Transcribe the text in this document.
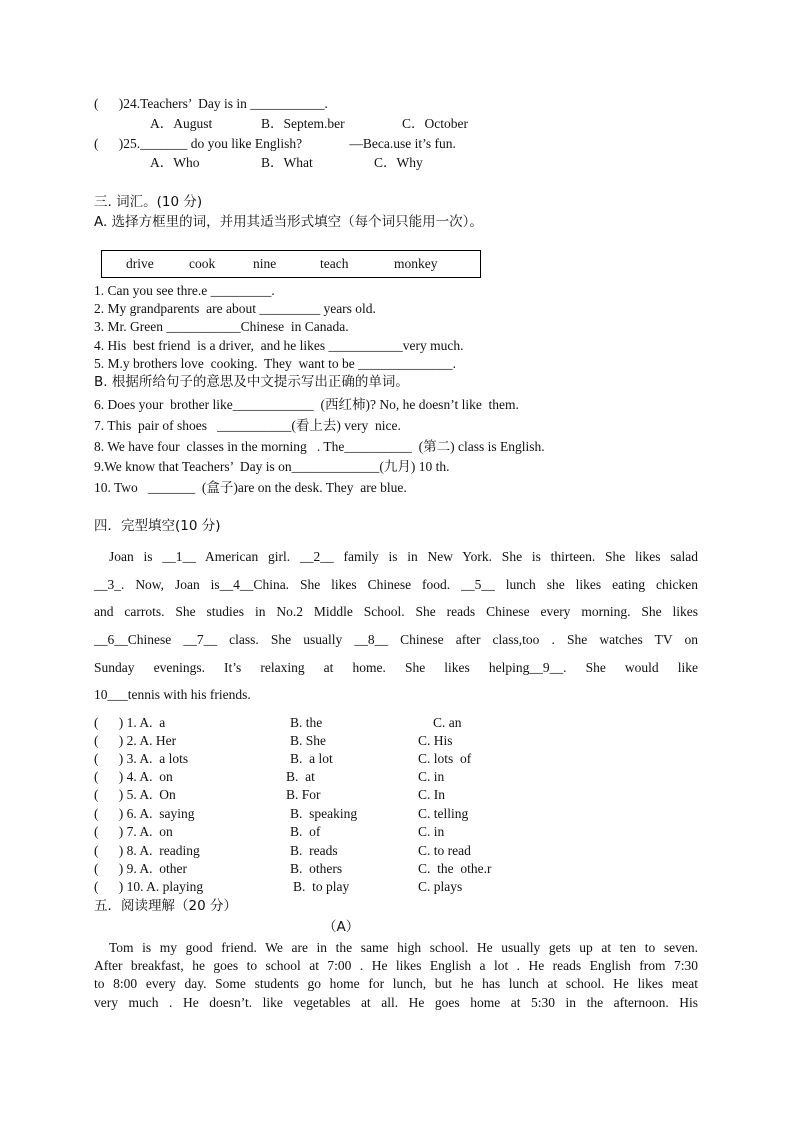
(      )24.Teachers’  Day is in ___________.
A．August	B．Septem.ber	C．October
(      )25._______ do you like English?              —Beca.use it’s fun.
A．Who	B．What	C．Why
三. 词汇。(10 分)
A. 选择方框里的词，并用其适当形式填空（每个词只能用一次）。
drive	cook	nine	teach	monkey
1. Can you see thre.e _________.
2. My grandparents  are about _________ years old.
3. Mr. Green ___________Chinese  in Canada.
4. His  best friend  is a driver,  and he likes ___________very much.
5. M.y brothers love  cooking.  They  want to be ______________.
B. 根据所给句子的意思及中文提示写出正确的单词。
6. Does your  brother like____________  (西红柿)? No, he doesn’t like  them.
7. This  pair of shoes   ___________(看上去) very  nice.
8. We have four  classes in the morning   . The__________  (第二) class is English.
9.We know that Teachers’  Day is on_____________(九月) 10 th.
10. Two   _______  (盒子)are on the desk. They  are blue.
四．完型填空(10 分)
Joan is __1__ American girl. __2__ family is in New York. She is thirteen. She likes salad
__3_. Now, Joan is__4__China. She likes Chinese food. __5__ lunch she likes eating chicken
and carrots. She studies in No.2 Middle School. She reads Chinese every morning. She likes
__6__Chinese __7__ class. She usually __8__ Chinese after class,too . She watches TV on
Sunday evenings. It’s relaxing at home. She likes helping__9__. She would like
10___tennis with his friends.
(      ) 1. A.  a	B. the	C. an
(      ) 2. A. Her	B. She	C. His
(      ) 3. A.  a lots	B.  a lot	C. lots  of
(      ) 4. A.  on	B.  at	C. in
(      ) 5. A.  On	B. For	C. In
(      ) 6. A.  saying	B.  speaking	C. telling
(      ) 7. A.  on	B.  of	C. in
(      ) 8. A.  reading	B.  reads	C. to read
(      ) 9. A.  other	B.  others	C.  the  othe.r
(      ) 10. A. playing	B.  to play	C. plays
五．阅读理解（20 分）
（A）
Tom is my good friend. We are in the same high school. He usually gets up at ten to seven.
After breakfast, he goes to school at 7:00 . He likes English a lot . He reads English from 7:30
to 8:00 every day. Some students go home for lunch, but he has lunch at school. He likes meat
very much . He doesn’t. like vegetables at all. He goes home at 5:30 in the afternoon. His
